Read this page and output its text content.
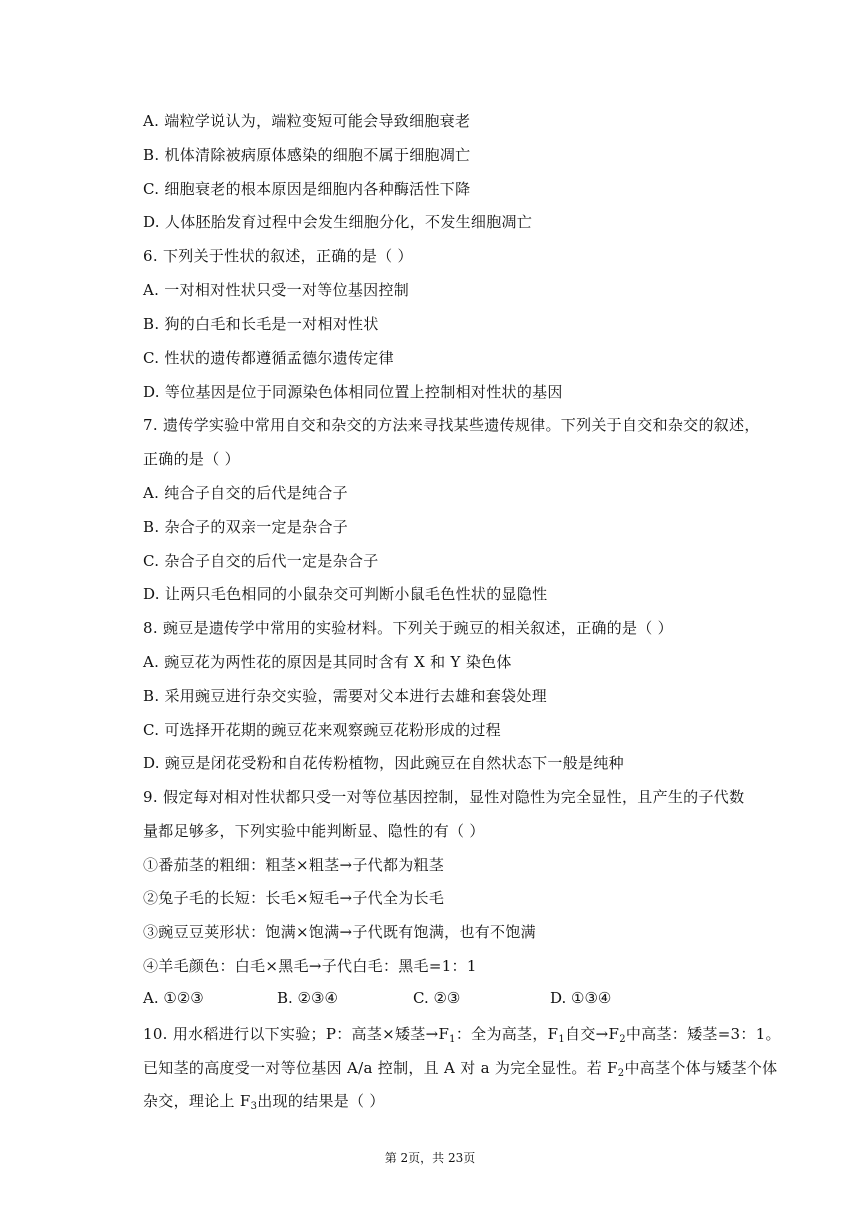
A. 端粒学说认为，端粒变短可能会导致细胞衰老
B. 机体清除被病原体感染的细胞不属于细胞凋亡
C. 细胞衰老的根本原因是细胞内各种酶活性下降
D. 人体胚胎发育过程中会发生细胞分化，不发生细胞凋亡
6. 下列关于性状的叙述，正确的是（ ）
A. 一对相对性状只受一对等位基因控制
B. 狗的白毛和长毛是一对相对性状
C. 性状的遗传都遵循孟德尔遗传定律
D. 等位基因是位于同源染色体相同位置上控制相对性状的基因
7. 遗传学实验中常用自交和杂交的方法来寻找某些遗传规律。下列关于自交和杂交的叙述，
正确的是（ ）
A. 纯合子自交的后代是纯合子
B. 杂合子的双亲一定是杂合子
C. 杂合子自交的后代一定是杂合子
D. 让两只毛色相同的小鼠杂交可判断小鼠毛色性状的显隐性
8. 豌豆是遗传学中常用的实验材料。下列关于豌豆的相关叙述，正确的是（ ）
A. 豌豆花为两性花的原因是其同时含有 X 和 Y 染色体
B. 采用豌豆进行杂交实验，需要对父本进行去雄和套袋处理
C. 可选择开花期的豌豆花来观察豌豆花粉形成的过程
D. 豌豆是闭花受粉和自花传粉植物，因此豌豆在自然状态下一般是纯种
9. 假定每对相对性状都只受一对等位基因控制，显性对隐性为完全显性，且产生的子代数
量都足够多，下列实验中能判断显、隐性的有（ ）
①番茄茎的粗细：粗茎×粗茎→子代都为粗茎
②兔子毛的长短：长毛×短毛→子代全为长毛
③豌豆豆荚形状：饱满×饱满→子代既有饱满，也有不饱满
④羊毛颜色：白毛×黑毛→子代白毛：黑毛=1：1
A. ①②③	B. ②③④	C. ②③	D. ①③④
10. 用水稻进行以下实验；P：高茎×矮茎$\to F_1$：全为高茎，$F_1$自交$\to F_2$中高茎：矮茎=3：1。
已知茎的高度受一对等位基因 A/a 控制，且 A 对 a 为完全显性。若 $F_2$中高茎个体与矮茎个体
杂交，理论上 $F_3$出现的结果是（ ）
第 2页，共 23页
